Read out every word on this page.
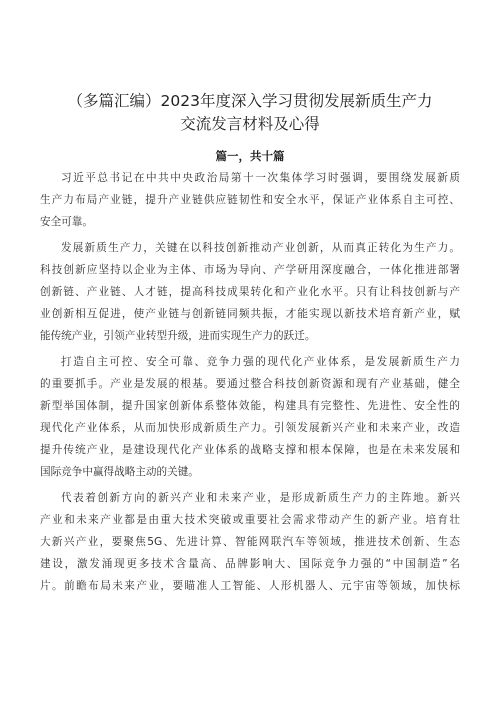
（多篇汇编）2023年度深入学习贯彻发展新质生产力
交流发言材料及心得
篇一，共十篇
习近平总书记在中共中央政治局第十一次集体学习时强调，要围绕发展新质
生产力布局产业链，提升产业链供应链韧性和安全水平，保证产业体系自主可控、
安全可靠。
发展新质生产力，关键在以科技创新推动产业创新，从而真正转化为生产力。
科技创新应坚持以企业为主体、市场为导向、产学研用深度融合，一体化推进部署
创新链、产业链、人才链，提高科技成果转化和产业化水平。只有让科技创新与产
业创新相互促进，使产业链与创新链同频共振，才能实现以新技术培育新产业，赋
能传统产业，引领产业转型升级，进而实现生产力的跃迁。
打造自主可控、安全可靠、竞争力强的现代化产业体系，是发展新质生产力
的重要抓手。产业是发展的根基。要通过整合科技创新资源和现有产业基础，健全
新型举国体制，提升国家创新体系整体效能，构建具有完整性、先进性、安全性的
现代化产业体系，从而加快形成新质生产力。引领发展新兴产业和未来产业，改造
提升传统产业，是建设现代化产业体系的战略支撑和根本保障，也是在未来发展和
国际竞争中赢得战略主动的关键。
代表着创新方向的新兴产业和未来产业，是形成新质生产力的主阵地。新兴
产业和未来产业都是由重大技术突破或重要社会需求带动产生的新产业。培育壮
大新兴产业，要聚焦5G、先进计算、智能网联汽车等领域，推进技术创新、生态
建设，激发涌现更多技术含量高、品牌影响大、国际竞争力强的“中国制造”名
片。前瞻布局未来产业，要瞄准人工智能、人形机器人、元宇宙等领域，加快标
